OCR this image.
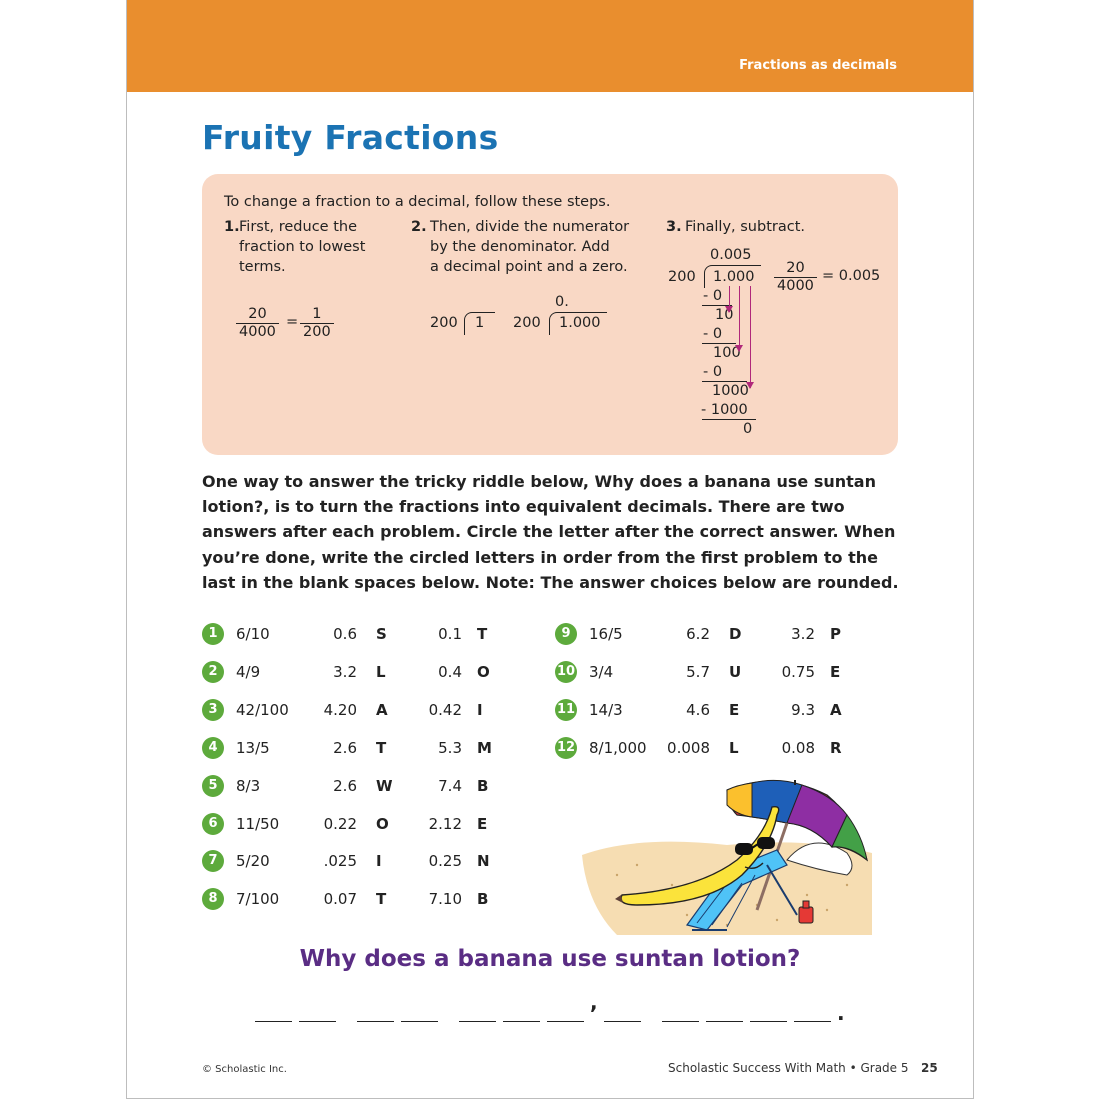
Fractions as decimals
Fruity Fractions
To change a fraction to a decimal, follow these steps.
1. First, reduce the
fraction to lowest
terms.
$\frac{20}{4000} = \frac{1}{200}$
2. Then, divide the numerator
by the denominator. Add
a decimal point and a zero.
200 1
0.
200 1.000
3. Finally, subtract.
0.005
200 1.000
- 0
10
- 0
100
- 0
1000
- 1000
0
$\frac{20}{4000} = 0.005$

One way to answer the tricky riddle below, Why does a banana use suntan lotion?, is to turn the fractions into equivalent decimals. There are two answers after each problem. Circle the letter after the correct answer. When you’re done, write the circled letters in order from the first problem to the last in the blank spaces below. Note: The answer choices below are rounded.

1	6/10	0.6 S	0.1 T
2	4/9	3.2 L	0.4 O
3	42/100	4.20 A	0.42 I
4	13/5	2.6 T	5.3 M
5	8/3	2.6 W	7.4 B
6	11/50	0.22 O	2.12 E
7	5/20	.025 I	0.25 N
8	7/100	0.07 T	7.10 B
9	16/5	6.2 D	3.2 P
10 3/4	5.7 U	0.75 E
11 14/3	4.6 E	9.3 A
12 8/1,000 0.008 L	0.08 R
Why does a banana use suntan lotion?
,	.
© Scholastic Inc.	Scholastic Success With Math • Grade 5 25
